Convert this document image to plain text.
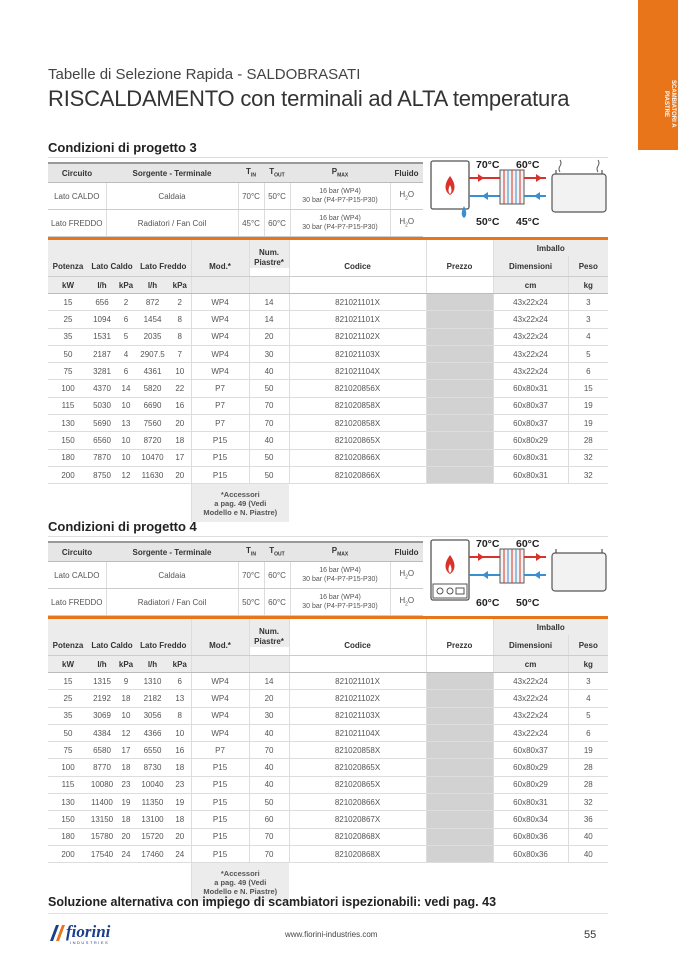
SCAMBIATORI A PIASTRE
Tabelle di Selezione Rapida - SALDOBRASATI
RISCALDAMENTO con terminali ad ALTA temperatura
Condizioni di progetto 3
Circuito	Sorgente - Terminale	$T_{IN}$	$T_{OUT}$	$P_{MAX}$	Fluido
Lato CALDO	Caldaia	70°C	50°C	16 bar (WP4)
30 bar (P4-P7-P15-P30)	$H_2O$
Lato FREDDO	Radiatori / Fan Coil	45°C	60°C	16 bar (WP4)
30 bar (P4-P7-P15-P30)	$H_2O$
70°C 60°C
50°C 45°C
									Imballo	
Potenza	Lato Caldo		Lato Freddo		Mod.*	Num. Piastre*	Codice	Prezzo	Dimensioni	Peso
kW	l/h	kPa	l/h	kPa					cm	kg
15	656	2	872	2	WP4	14	821021101X		43x22x24	3
25	1094	6	1454	8	WP4	14	821021101X		43x22x24	3
35	1531	5	2035	8	WP4	20	821021102X		43x22x24	4
50	2187	4	2907.5	7	WP4	30	821021103X		43x22x24	5
75	3281	6	4361	10	WP4	40	821021104X		43x22x24	6
100	4370	14	5820	22	P7	50	821020856X		60x80x31	15
115	5030	10	6690	16	P7	70	821020858X		60x80x37	19
130	5690	13	7560	20	P7	70	821020858X		60x80x37	19
150	6560	10	8720	18	P15	40	821020865X		60x80x29	28
180	7870	10	10470	17	P15	50	821020866X		60x80x31	32
200	8750	12	11630	20	P15	50	821020866X		60x80x31	32

					*Accessori
a pag. 49 (Vedi
Modello e N. Piastre)					

Condizioni di progetto 4
Circuito	Sorgente - Terminale	$T_{IN}$	$T_{OUT}$	$P_{MAX}$	Fluido
Lato CALDO	Caldaia	70°C	60°C	16 bar (WP4)
30 bar (P4-P7-P15-P30)	$H_2O$
Lato FREDDO	Radiatori / Fan Coil	50°C	60°C	16 bar (WP4)
30 bar (P4-P7-P15-P30)	$H_2O$
70°C 60°C
60°C 50°C
									Imballo	
Potenza	Lato Caldo		Lato Freddo		Mod.*	Num. Piastre*	Codice	Prezzo	Dimensioni	Peso
kW	l/h	kPa	l/h	kPa					cm	kg
15	1315	9	1310	6	WP4	14	821021101X		43x22x24	3
25	2192	18	2182	13	WP4	20	821021102X		43x22x24	4
35	3069	10	3056	8	WP4	30	821021103X		43x22x24	5
50	4384	12	4366	10	WP4	40	821021104X		43x22x24	6
75	6580	17	6550	16	P7	70	821020858X		60x80x37	19
100	8770	18	8730	18	P15	40	821020865X		60x80x29	28
115	10080	23	10040	23	P15	40	821020865X		60x80x29	28
130	11400	19	11350	19	P15	50	821020866X		60x80x31	32
150	13150	18	13100	18	P15	60	821020867X		60x80x34	36
180	15780	20	15720	20	P15	70	821020868X		60x80x36	40
200	17540	24	17460	24	P15	70	821020868X		60x80x36	40

					*Accessori
a pag. 49 (Vedi
Modello e N. Piastre)					

Soluzione alternativa con impiego di scambiatori ispezionabili: vedi pag. 43
fiorini
INDUSTRIES
www.fiorini-industries.com	55
